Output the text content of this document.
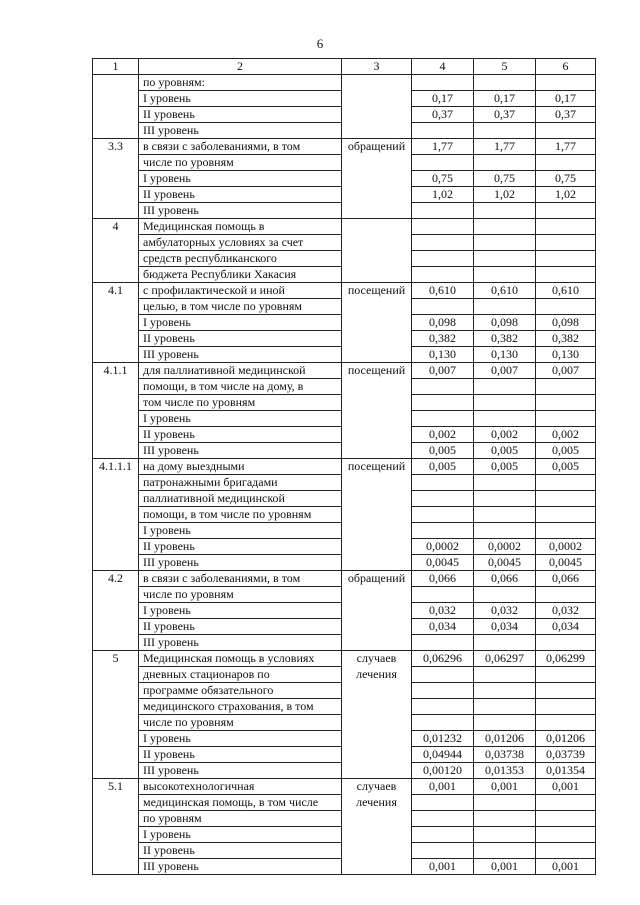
6
1	2	3	4	5	6
	по уровням:				
	I уровень		0,17	0,17	0,17
	II уровень		0,37	0,37	0,37
	III уровень				
3.3	в связи с заболеваниями, в том	обращений	1,77	1,77	1,77
	числе по уровням				
	I уровень		0,75	0,75	0,75
	II уровень		1,02	1,02	1,02
	III уровень				
4	Медицинская помощь в				
	амбулаторных условиях за счет				
	средств республиканского				
	бюджета Республики Хакасия				
4.1	с профилактической и иной	посещений	0,610	0,610	0,610
	целью, в том числе по уровням				
	I уровень		0,098	0,098	0,098
	II уровень		0,382	0,382	0,382
	III уровень		0,130	0,130	0,130
4.1.1	для паллиативной медицинской	посещений	0,007	0,007	0,007
	помощи, в том числе на дому, в				
	том числе по уровням				
	I уровень				
	II уровень		0,002	0,002	0,002
	III уровень		0,005	0,005	0,005
4.1.1.1	на дому выездными	посещений	0,005	0,005	0,005
	патронажными бригадами				
	паллиативной медицинской				
	помощи, в том числе по уровням				
	I уровень				
	II уровень		0,0002	0,0002	0,0002
	III уровень		0,0045	0,0045	0,0045
4.2	в связи с заболеваниями, в том	обращений	0,066	0,066	0,066
	числе по уровням				
	I уровень		0,032	0,032	0,032
	II уровень		0,034	0,034	0,034
	III уровень				
5	Медицинская помощь в условиях	случаев	0,06296	0,06297	0,06299
	дневных стационаров по	лечения			
	программе обязательного				
	медицинского страхования, в том				
	числе по уровням				
	I уровень		0,01232	0,01206	0,01206
	II уровень		0,04944	0,03738	0,03739
	III уровень		0,00120	0,01353	0,01354
5.1	высокотехнологичная	случаев	0,001	0,001	0,001
	медицинская помощь, в том числе	лечения			
	по уровням				
	I уровень				
	II уровень				
	III уровень		0,001	0,001	0,001
